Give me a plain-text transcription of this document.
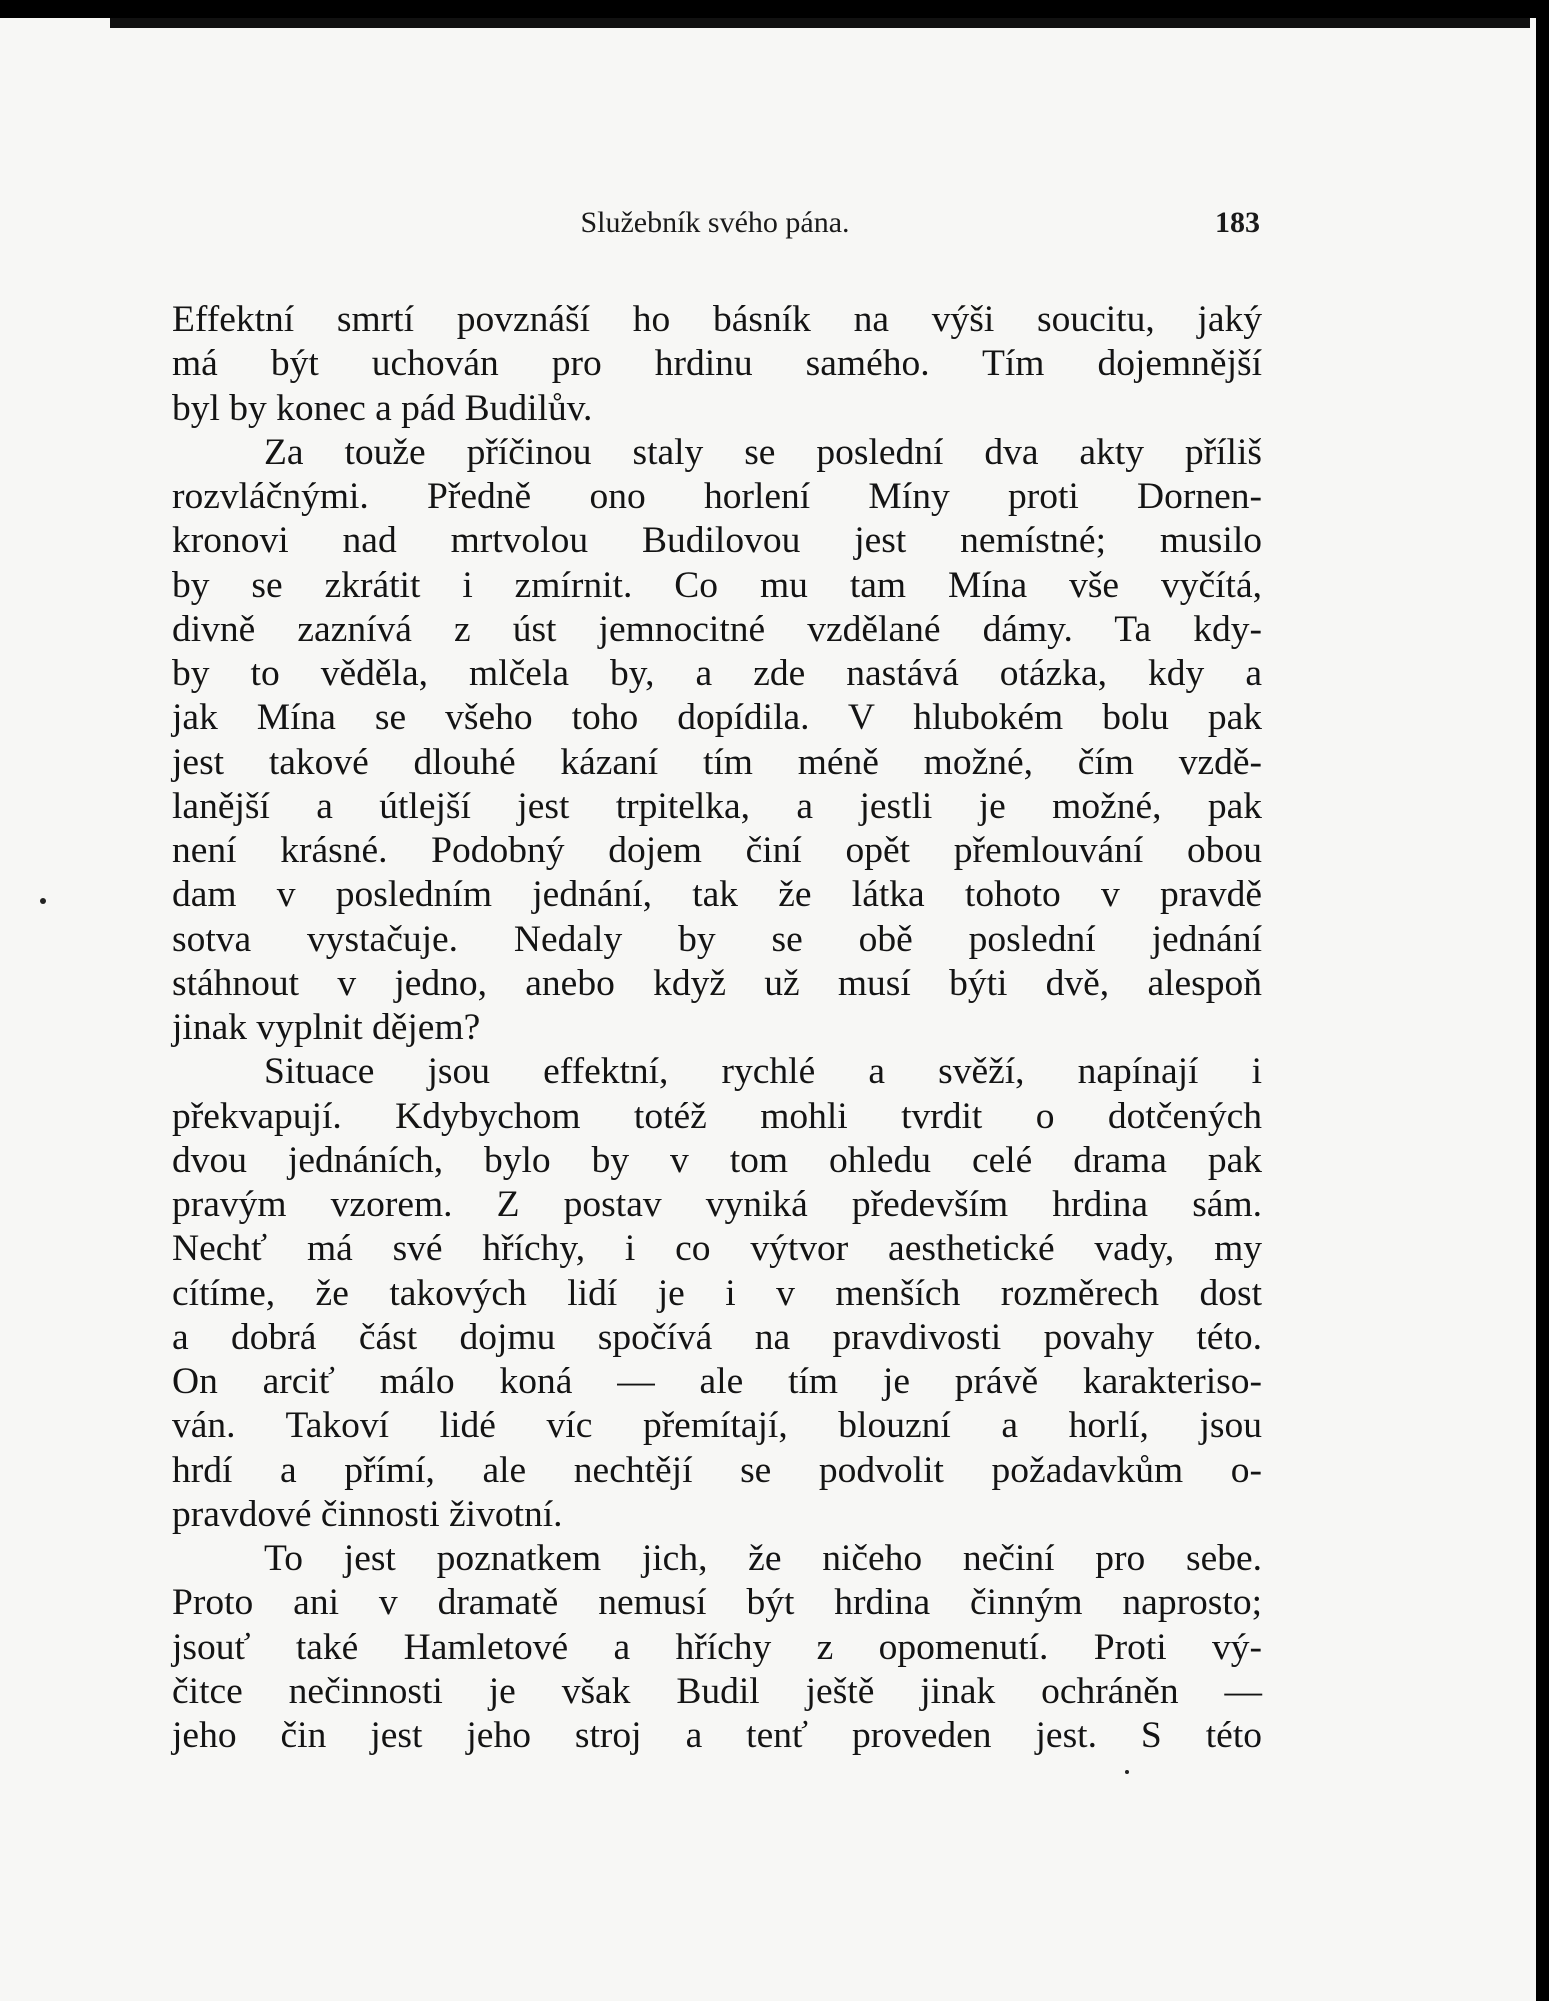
Služebník svého pána.	183
Effektní smrtí povznáší ho básník na výši soucitu, jaký
má být uchován pro hrdinu samého. Tím dojemnější
byl by konec a pád Budilův.
Za touže příčinou staly se poslední dva akty příliš
rozvláčnými. Předně ono horlení Míny proti Dornen-
kronovi nad mrtvolou Budilovou jest nemístné; musilo
by se zkrátit i zmírnit. Co mu tam Mína vše vyčítá,
divně zaznívá z úst jemnocitné vzdělané dámy. Ta kdy-
by to věděla, mlčela by, a zde nastává otázka, kdy a
jak Mína se všeho toho dopídila. V hlubokém bolu pak
jest takové dlouhé kázaní tím méně možné, čím vzdě-
lanější a útlejší jest trpitelka, a jestli je možné, pak
není krásné. Podobný dojem činí opět přemlouvání obou
dam v posledním jednání, tak že látka tohoto v pravdě
sotva vystačuje. Nedaly by se obě poslední jednání
stáhnout v jedno, anebo když už musí býti dvě, alespoň
jinak vyplnit dějem?
Situace jsou effektní, rychlé a svěží, napínají i
překvapují. Kdybychom totéž mohli tvrdit o dotčených
dvou jednáních, bylo by v tom ohledu celé drama pak
pravým vzorem. Z postav vyniká především hrdina sám.
Nechť má své hříchy, i co výtvor aesthetické vady, my
cítíme, že takových lidí je i v menších rozměrech dost
a dobrá část dojmu spočívá na pravdivosti povahy této.
On arciť málo koná — ale tím je právě karakteriso-
ván. Takoví lidé víc přemítají, blouzní a horlí, jsou
hrdí a přímí, ale nechtějí se podvolit požadavkům o-
pravdové činnosti životní.
To jest poznatkem jich, že ničeho nečiní pro sebe.
Proto ani v dramatě nemusí být hrdina činným naprosto;
jsouť také Hamletové a hříchy z opomenutí. Proti vý-
čitce nečinnosti je však Budil ještě jinak ochráněn —
jeho čin jest jeho stroj a tenť proveden jest. S této
